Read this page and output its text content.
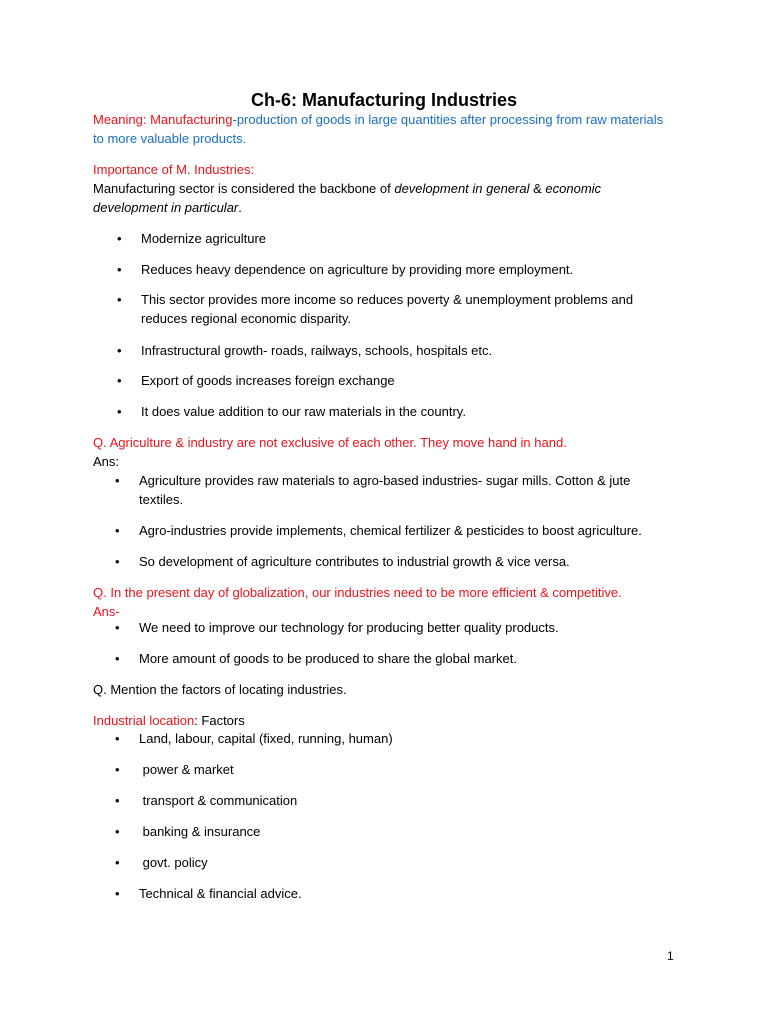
Ch-6: Manufacturing Industries
Meaning: Manufacturing-production of goods in large quantities after processing from raw materials
to more valuable products.
Importance of M. Industries:
Manufacturing sector is considered the backbone of development in general & economic
development in particular.
• Modernize agriculture
• Reduces heavy dependence on agriculture by providing more employment.
• This sector provides more income so reduces poverty & unemployment problems and
reduces regional economic disparity.
• Infrastructural growth- roads, railways, schools, hospitals etc.
• Export of goods increases foreign exchange
• It does value addition to our raw materials in the country.
Q. Agriculture & industry are not exclusive of each other. They move hand in hand.
Ans:
• Agriculture provides raw materials to agro-based industries- sugar mills. Cotton & jute
textiles.
• Agro-industries provide implements, chemical fertilizer & pesticides to boost agriculture.
• So development of agriculture contributes to industrial growth & vice versa.
Q. In the present day of globalization, our industries need to be more efficient & competitive.
Ans-
• We need to improve our technology for producing better quality products.
• More amount of goods to be produced to share the global market.
Q. Mention the factors of locating industries.
Industrial location: Factors
• Land, labour, capital (fixed, running, human)
• power & market
• transport & communication
• banking & insurance
• govt. policy
• Technical & financial advice.
1
